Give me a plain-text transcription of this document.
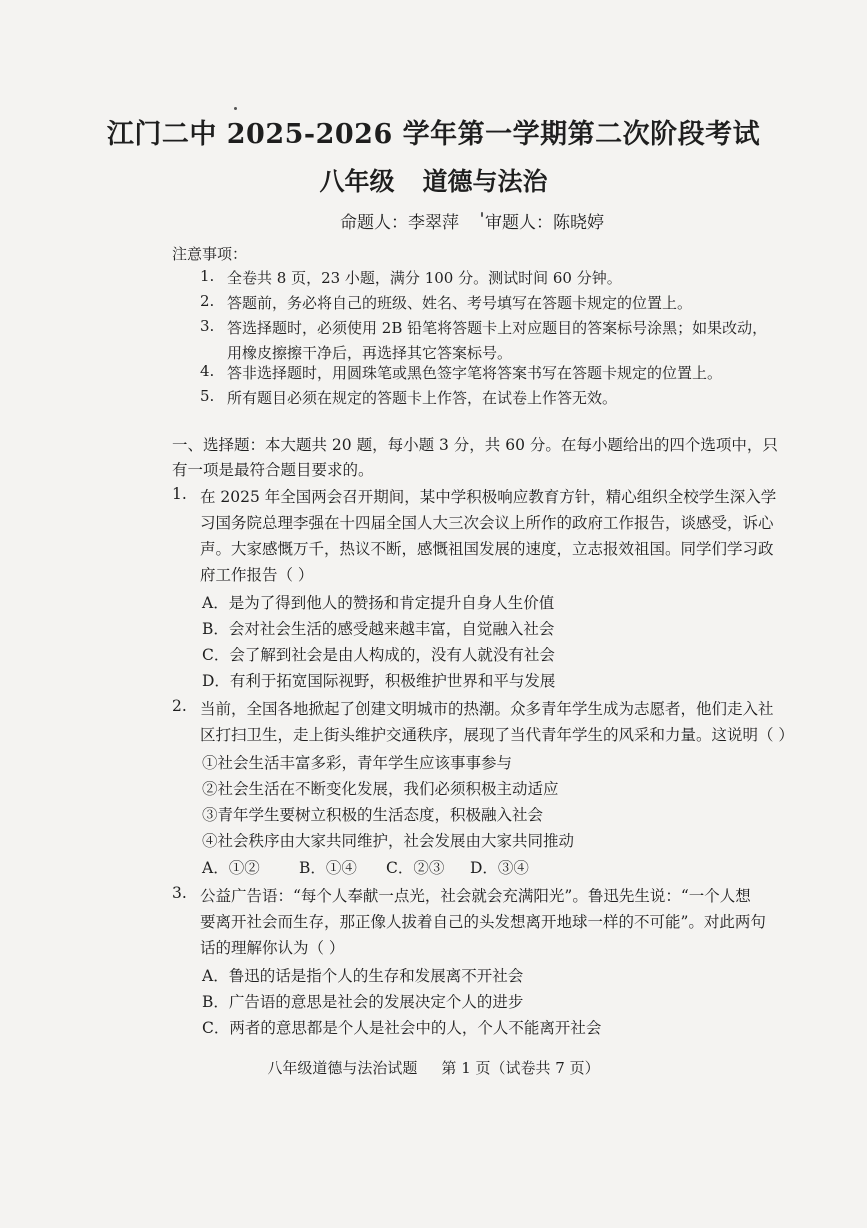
江门二中 2025-2026 学年第一学期第二次阶段考试
八年级 道德与法治
命题人：李翠萍 审题人：陈晓婷
注意事项：
1. 全卷共 8 页，23 小题，满分 100 分。测试时间 60 分钟。
2. 答题前，务必将自己的班级、姓名、考号填写在答题卡规定的位置上。
3. 答选择题时，必须使用 2B 铅笔将答题卡上对应题目的答案标号涂黑；如果改动，
用橡皮擦擦干净后，再选择其它答案标号。
4. 答非选择题时，用圆珠笔或黑色签字笔将答案书写在答题卡规定的位置上。
5. 所有题目必须在规定的答题卡上作答，在试卷上作答无效。
一、选择题：本大题共 20 题，每小题 3 分，共 60 分。在每小题给出的四个选项中，只
有一项是最符合题目要求的。
1. 在 2025 年全国两会召开期间，某中学积极响应教育方针，精心组织全校学生深入学
习国务院总理李强在十四届全国人大三次会议上所作的政府工作报告，谈感受，诉心
声。大家感慨万千，热议不断，感慨祖国发展的速度，立志报效祖国。同学们学习政
府工作报告（ ）
A．是为了得到他人的赞扬和肯定提升自身人生价值
B．会对社会生活的感受越来越丰富，自觉融入社会
C．会了解到社会是由人构成的，没有人就没有社会
D．有利于拓宽国际视野，积极维护世界和平与发展
2. 当前，全国各地掀起了创建文明城市的热潮。众多青年学生成为志愿者，他们走入社
区打扫卫生，走上街头维护交通秩序，展现了当代青年学生的风采和力量。这说明（ ）
①社会生活丰富多彩，青年学生应该事事参与
②社会生活在不断变化发展，我们必须积极主动适应
③青年学生要树立积极的生活态度，积极融入社会
④社会秩序由大家共同维护，社会发展由大家共同推动
A．①②	B．①④ C．②③ D．③④
3. 公益广告语：“每个人奉献一点光，社会就会充满阳光”。鲁迅先生说：“一个人想
要离开社会而生存，那正像人拔着自己的头发想离开地球一样的不可能”。对此两句
话的理解你认为（ ）
A．鲁迅的话是指个人的生存和发展离不开社会
B．广告语的意思是社会的发展决定个人的进步
C．两者的意思都是个人是社会中的人，个人不能离开社会
八年级道德与法治试题 第 1 页（试卷共 7 页）
